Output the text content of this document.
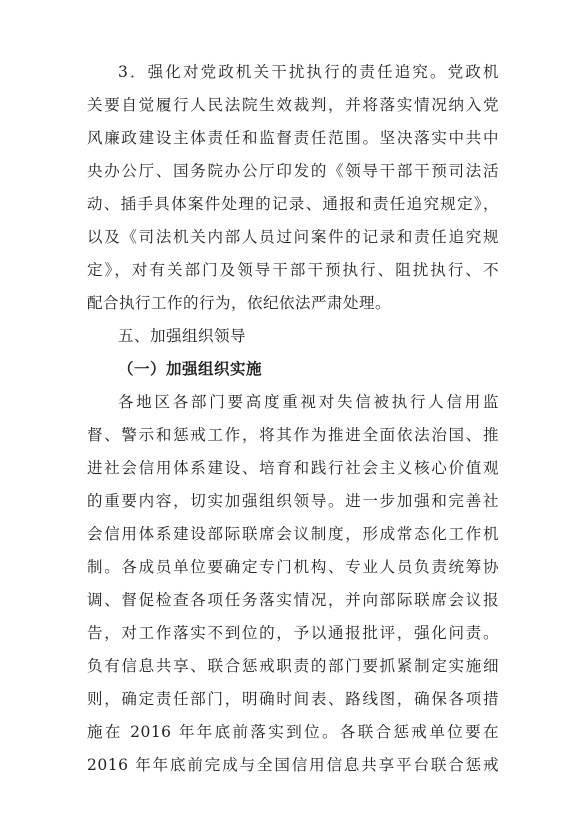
3．强化对党政机关干扰执行的责任追究。党政机
关要自觉履行人民法院生效裁判，并将落实情况纳入党
风廉政建设主体责任和监督责任范围。坚决落实中共中
央办公厅、国务院办公厅印发的《领导干部干预司法活
动、插手具体案件处理的记录、通报和责任追究规定》，
以及《司法机关内部人员过问案件的记录和责任追究规
定》，对有关部门及领导干部干预执行、阻扰执行、不
配合执行工作的行为，依纪依法严肃处理。
五、加强组织领导
（一）加强组织实施
各地区各部门要高度重视对失信被执行人信用监
督、警示和惩戒工作，将其作为推进全面依法治国、推
进社会信用体系建设、培育和践行社会主义核心价值观
的重要内容，切实加强组织领导。进一步加强和完善社
会信用体系建设部际联席会议制度，形成常态化工作机
制。各成员单位要确定专门机构、专业人员负责统筹协
调、督促检查各项任务落实情况，并向部际联席会议报
告，对工作落实不到位的，予以通报批评，强化问责。
负有信息共享、联合惩戒职责的部门要抓紧制定实施细
则，确定责任部门，明确时间表、路线图，确保各项措
施在 2016 年年底前落实到位。各联合惩戒单位要在
2016 年年底前完成与全国信用信息共享平台联合惩戒
